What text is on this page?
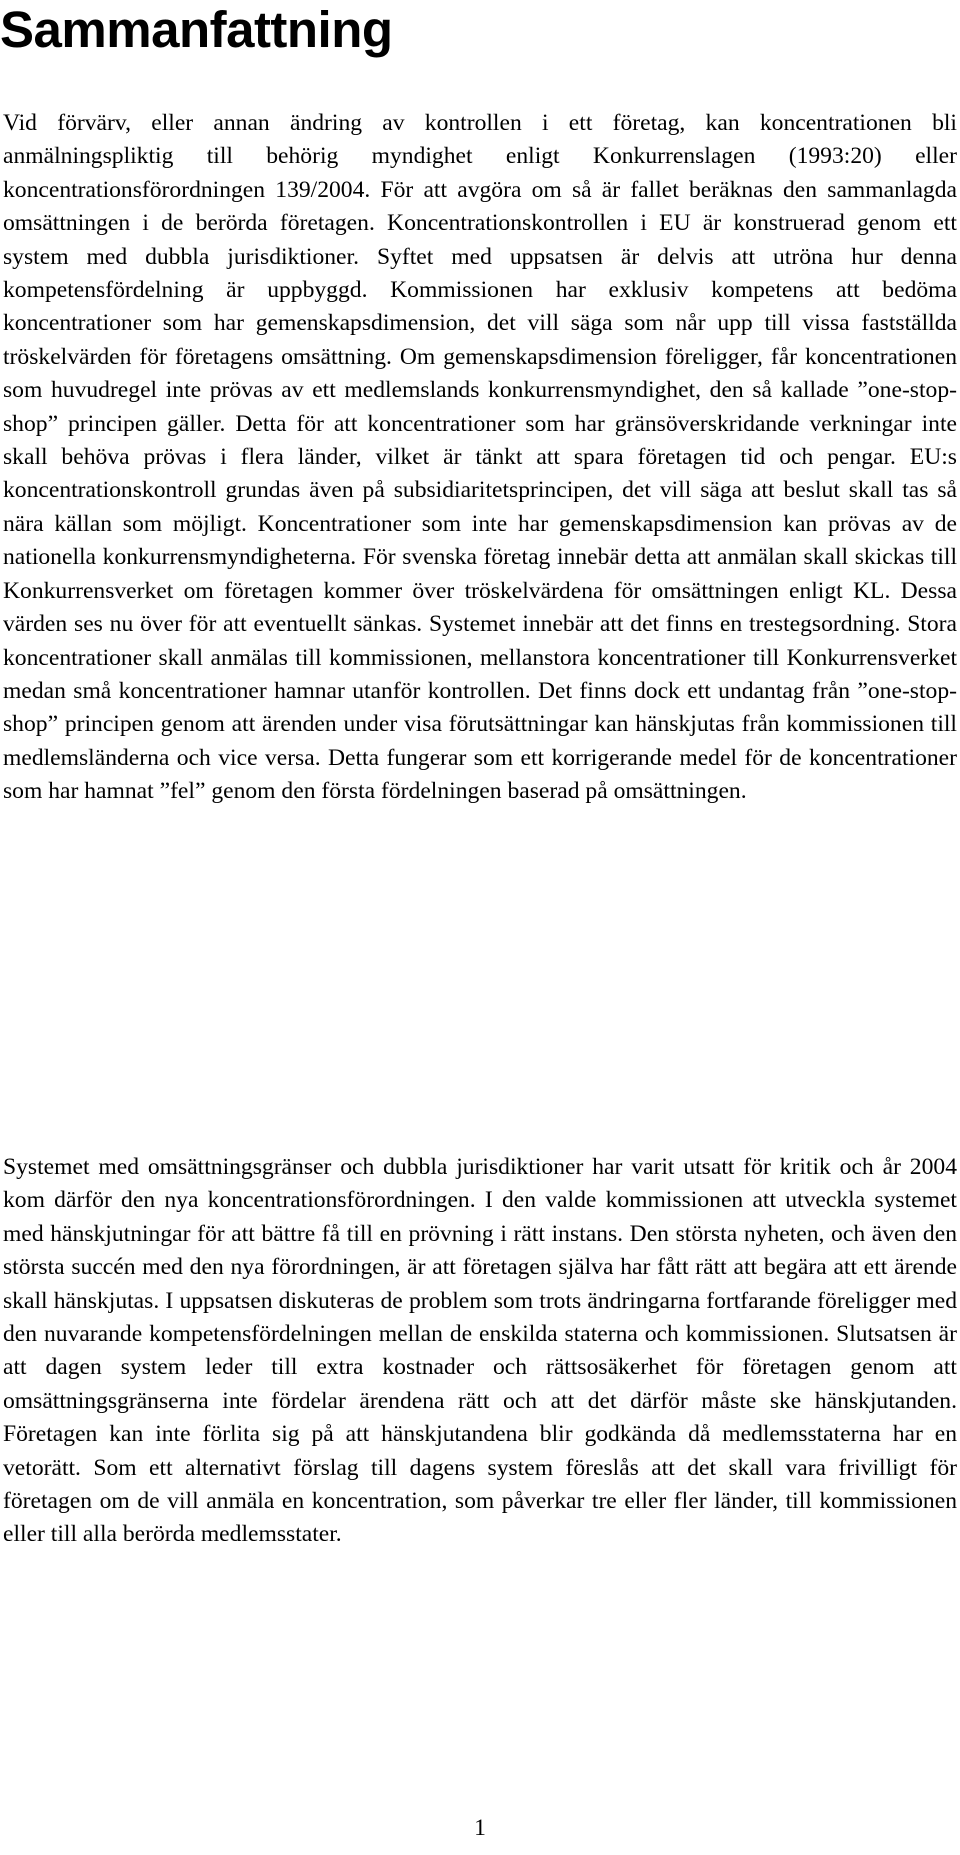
Sammanfattning

Vid förvärv, eller annan ändring av kontrollen i ett företag, kan koncentrationen bli anmälningspliktig till behörig myndighet enligt Konkurrenslagen (1993:20) eller koncentrationsförordningen 139/2004. För att avgöra om så är fallet beräknas den sammanlagda omsättningen i de berörda företagen. Koncentrationskontrollen i EU är konstruerad genom ett system med dubbla jurisdiktioner. Syftet med uppsatsen är delvis att utröna hur denna kompetensfördelning är uppbyggd. Kommissionen har exklusiv kompetens att bedöma koncentrationer som har gemenskapsdimension, det vill säga som når upp till vissa fastställda tröskelvärden för företagens omsättning. Om gemenskapsdimension föreligger, får koncentrationen som huvudregel inte prövas av ett medlemslands konkurrensmyndighet, den så kallade ”one-stop-shop” principen gäller. Detta för att koncentrationer som har gränsöverskridande verkningar inte skall behöva prövas i flera länder, vilket är tänkt att spara företagen tid och pengar. EU:s koncentrationskontroll grundas även på subsidiaritetsprincipen, det vill säga att beslut skall tas så nära källan som möjligt. Koncentrationer som inte har gemenskapsdimension kan prövas av de nationella konkurrensmyndigheterna. För svenska företag innebär detta att anmälan skall skickas till Konkurrensverket om företagen kommer över tröskelvärdena för omsättningen enligt KL. Dessa värden ses nu över för att eventuellt sänkas. Systemet innebär att det finns en trestegsordning. Stora koncentrationer skall anmälas till kommissionen, mellanstora koncentrationer till Konkurrensverket medan små koncentrationer hamnar utanför kontrollen. Det finns dock ett undantag från ”one-stop-shop” principen genom att ärenden under visa förutsättningar kan hänskjutas från kommissionen till medlemsländerna och vice versa. Detta fungerar som ett korrigerande medel för de koncentrationer som har hamnat ”fel” genom den första fördelningen baserad på omsättningen.

Systemet med omsättningsgränser och dubbla jurisdiktioner har varit utsatt för kritik och år 2004 kom därför den nya koncentrationsförordningen. I den valde kommissionen att utveckla systemet med hänskjutningar för att bättre få till en prövning i rätt instans. Den största nyheten, och även den största succén med den nya förordningen, är att företagen själva har fått rätt att begära att ett ärende skall hänskjutas. I uppsatsen diskuteras de problem som trots ändringarna fortfarande föreligger med den nuvarande kompetensfördelningen mellan de enskilda staterna och kommissionen. Slutsatsen är att dagen system leder till extra kostnader och rättsosäkerhet för företagen genom att omsättningsgränserna inte fördelar ärendena rätt och att det därför måste ske hänskjutanden. Företagen kan inte förlita sig på att hänskjutandena blir godkända då medlemsstaterna har en vetorätt. Som ett alternativt förslag till dagens system föreslås att det skall vara frivilligt för företagen om de vill anmäla en koncentration, som påverkar tre eller fler länder, till kommissionen eller till alla berörda medlemsstater.

1
